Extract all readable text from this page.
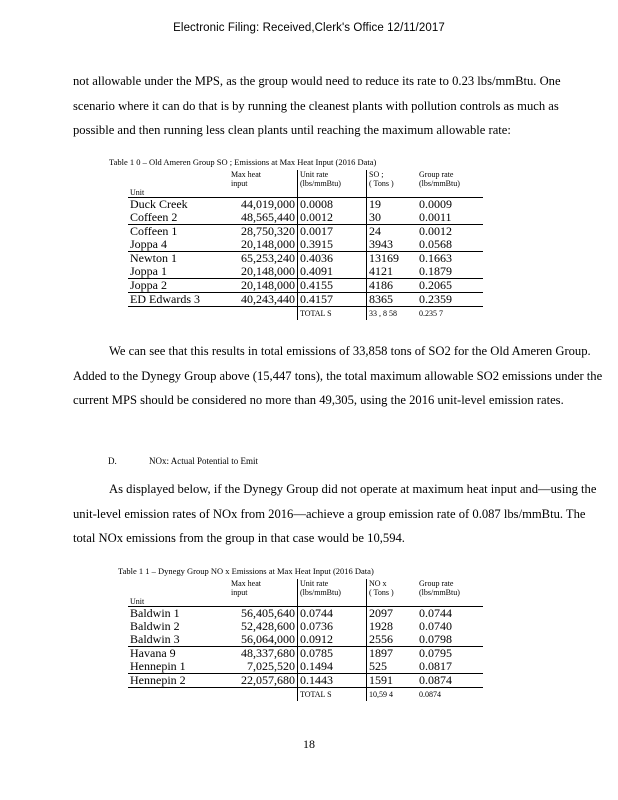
Electronic Filing: Received,Clerk's Office 12/11/2017
not allowable under the MPS, as the group would need to reduce its rate to 0.23 lbs/mmBtu. One scenario where it can do that is by running the cleanest plants with pollution controls as much as possible and then running less clean plants until reaching the maximum allowable rate:
Table 1 0 – Old Ameren Group SO ; Emissions at Max Heat Input (2016 Data)
	Max heat
input	Unit rate
(lbs/mmBtu)	SO ;
( Tons )	Group rate
(lbs/mmBtu)
Unit				
Duck Creek	44,019,000	0.0008	19	0.0009
Coffeen 2	48,565,440	0.0012	30	0.0011
Coffeen 1	28,750,320	0.0017	24	0.0012
Joppa 4	20,148,000	0.3915	3943	0.0568
Newton 1	65,253,240	0.4036	13169	0.1663
Joppa 1	20,148,000	0.4091	4121	0.1879
Joppa 2	20,148,000	0.4155	4186	0.2065
ED Edwards 3	40,243,440	0.4157	8365	0.2359
		TOTAL S	33 , 8 58	0.235 7
We can see that this results in total emissions of 33,858 tons of SO2 for the Old Ameren Group. Added to the Dynegy Group above (15,447 tons), the total maximum allowable SO2 emissions under the current MPS should be considered no more than 49,305, using the 2016 unit-level emission rates.
D.	NOx: Actual Potential to Emit
As displayed below, if the Dynegy Group did not operate at maximum heat input and—using the unit-level emission rates of NOx from 2016—achieve a group emission rate of 0.087 lbs/mmBtu. The total NOx emissions from the group in that case would be 10,594.
Table 1 1 – Dynegy Group NO x Emissions at Max Heat Input (2016 Data)
	Max heat
input	Unit rate
(lbs/mmBtu)	NO x
( Tons )	Group rate
(lbs/mmBtu)
Unit				
Baldwin 1	56,405,640	0.0744	2097	0.0744
Baldwin 2	52,428,600	0.0736	1928	0.0740
Baldwin 3	56,064,000	0.0912	2556	0.0798
Havana 9	48,337,680	0.0785	1897	0.0795
Hennepin 1	7,025,520	0.1494	525	0.0817
Hennepin 2	22,057,680	0.1443	1591	0.0874
		TOTAL S	10,59 4	0.0874
18
